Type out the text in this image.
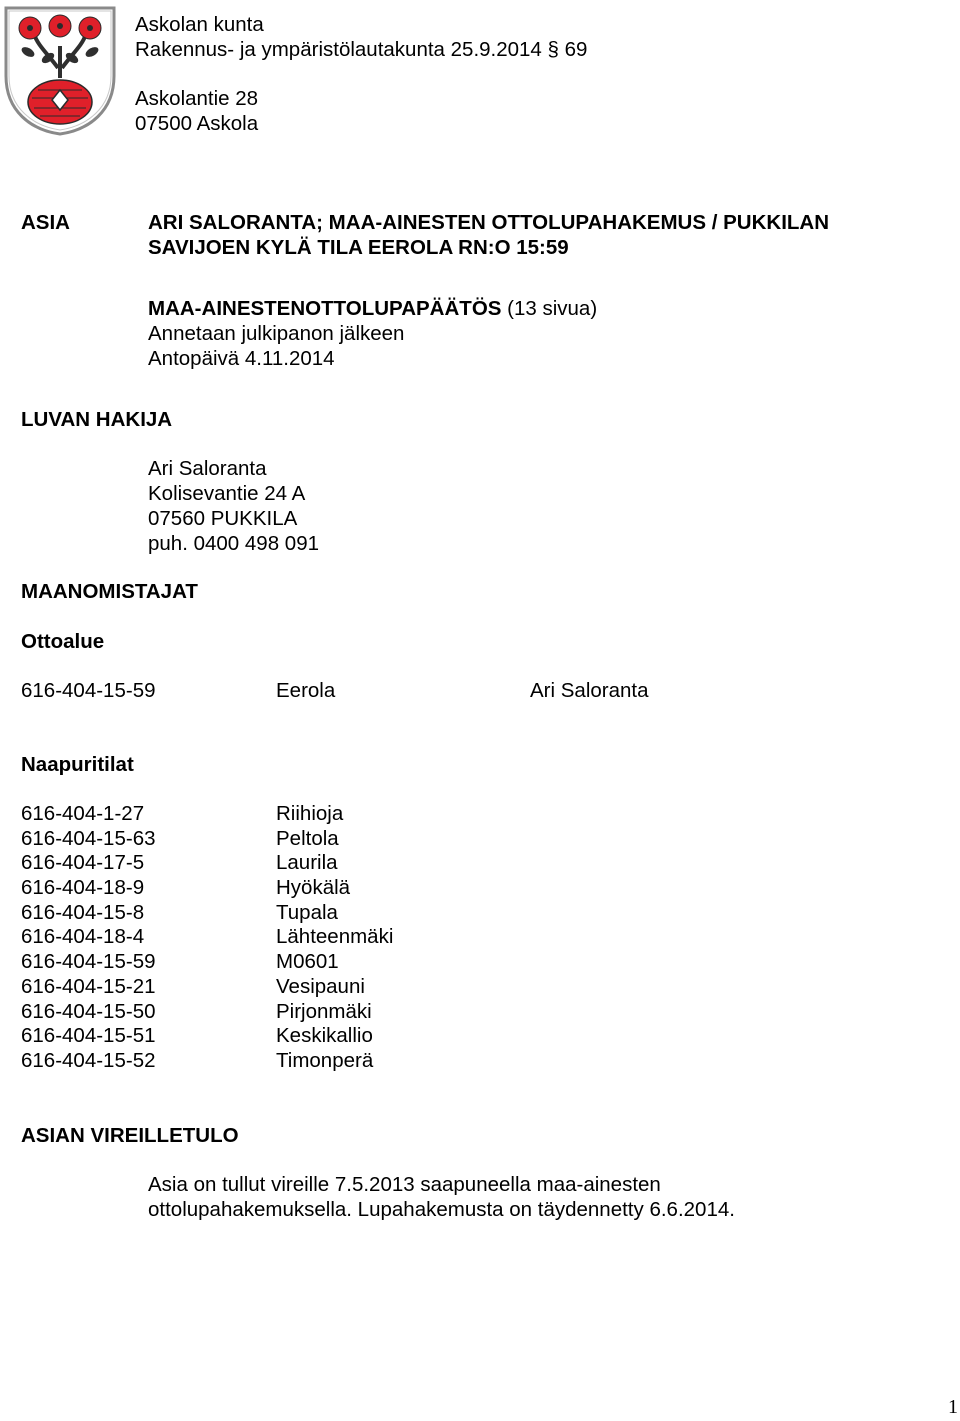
Askolan kunta
Rakennus- ja ympäristölautakunta 25.9.2014 § 69
Askolantie 28
07500 Askola
ASIA	ARI SALORANTA; MAA-AINESTEN OTTOLUPAHAKEMUS / PUKKILAN
SAVIJOEN KYLÄ TILA EEROLA RN:O 15:59
MAA-AINESTENOTTOLUPAPÄÄTÖS (13 sivua)
Annetaan julkipanon jälkeen
Antopäivä 4.11.2014
LUVAN HAKIJA
Ari Saloranta
Kolisevantie 24 A
07560 PUKKILA
puh. 0400 498 091
MAANOMISTAJAT
Ottoalue
616-404-15-59	Eerola	Ari Saloranta
Naapuritilat
616-404-1-27	Riihioja
616-404-15-63	Peltola
616-404-17-5	Laurila
616-404-18-9	Hyökälä
616-404-15-8	Tupala
616-404-18-4	Lähteenmäki
616-404-15-59	M0601
616-404-15-21	Vesipauni
616-404-15-50	Pirjonmäki
616-404-15-51	Keskikallio
616-404-15-52	Timonperä
ASIAN VIREILLETULO
Asia on tullut vireille 7.5.2013 saapuneella maa-ainesten
ottolupahakemuksella. Lupahakemusta on täydennetty 6.6.2014.
1
